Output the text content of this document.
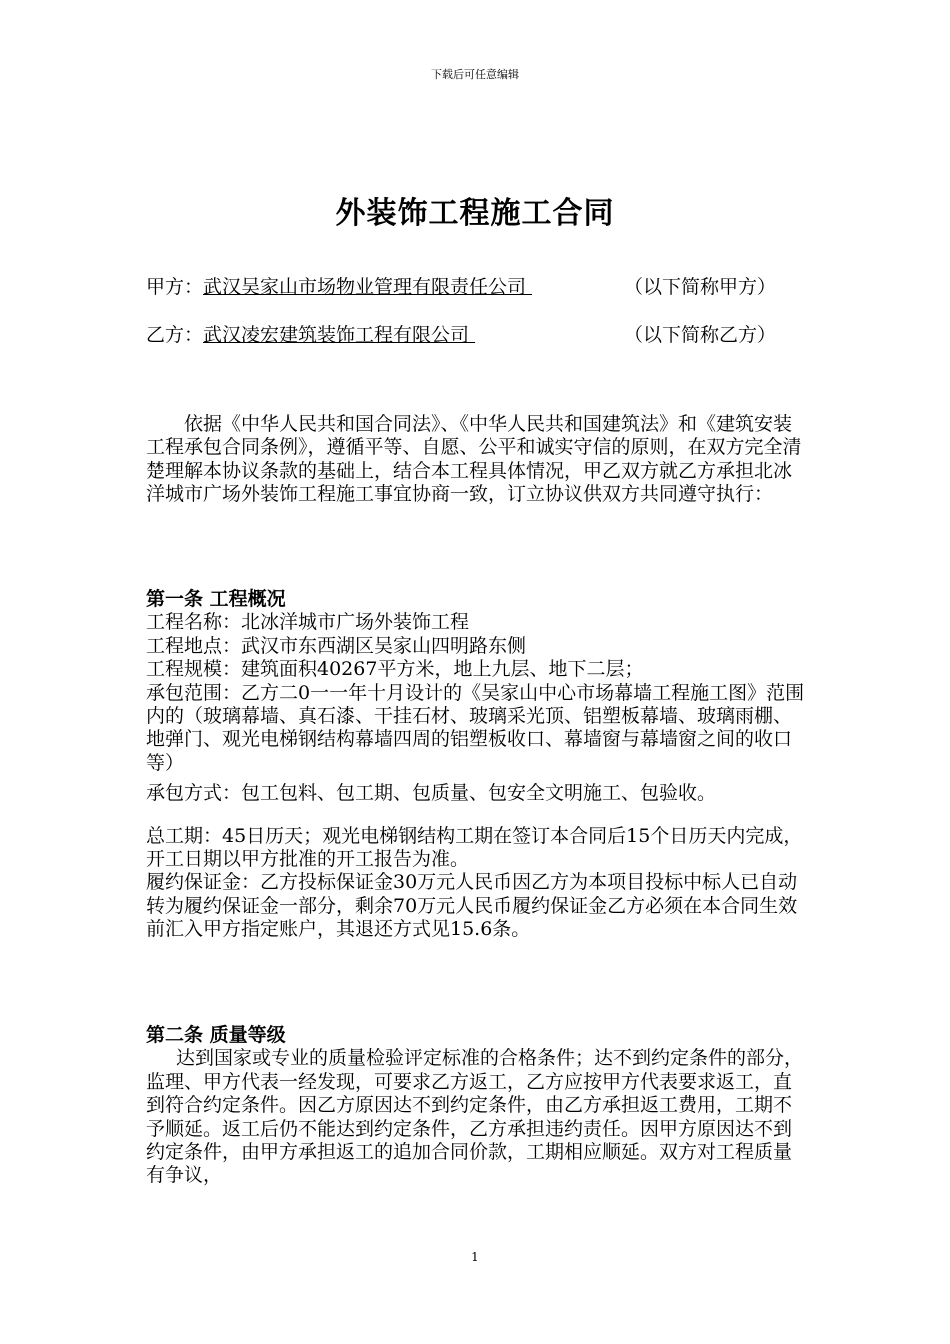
下载后可任意编辑
外装饰工程施工合同
甲方：武汉吴家山市场物业管理有限责任公司	（以下简称甲方）
乙方：武汉凌宏建筑装饰工程有限公司	（以下简称乙方）

依据《中华人民共和国合同法》、《中华人民共和国建筑法》和《建筑安装工程承包合同条例》，遵循平等、自愿、公平和诚实守信的原则，在双方完全清楚理解本协议条款的基础上，结合本工程具体情况，甲乙双方就乙方承担北冰洋城市广场外装饰工程施工事宜协商一致，订立协议供双方共同遵守执行：

第一条 工程概况

工程名称：北冰洋城市广场外装饰工程

工程地点：武汉市东西湖区吴家山四明路东侧

工程规模：建筑面积40267平方米，地上九层、地下二层；

承包范围：乙方二0一一年十月设计的《吴家山中心市场幕墙工程施工图》范围内的（玻璃幕墙、真石漆、干挂石材、玻璃采光顶、铝塑板幕墙、玻璃雨棚、地弹门、观光电梯钢结构幕墙四周的铝塑板收口、幕墙窗与幕墙窗之间的收口等）

承包方式：包工包料、包工期、包质量、包安全文明施工、包验收。

总工期：45日历天；观光电梯钢结构工期在签订本合同后15个日历天内完成，开工日期以甲方批准的开工报告为准。

履约保证金：乙方投标保证金30万元人民币因乙方为本项目投标中标人已自动转为履约保证金一部分，剩余70万元人民币履约保证金乙方必须在本合同生效前汇入甲方指定账户，其退还方式见15.6条。

第二条 质量等级

达到国家或专业的质量检验评定标准的合格条件；达不到约定条件的部分，监理、甲方代表一经发现，可要求乙方返工，乙方应按甲方代表要求返工，直到符合约定条件。因乙方原因达不到约定条件，由乙方承担返工费用，工期不予顺延。返工后仍不能达到约定条件，乙方承担违约责任。因甲方原因达不到约定条件，由甲方承担返工的追加合同价款，工期相应顺延。双方对工程质量有争议，

1
